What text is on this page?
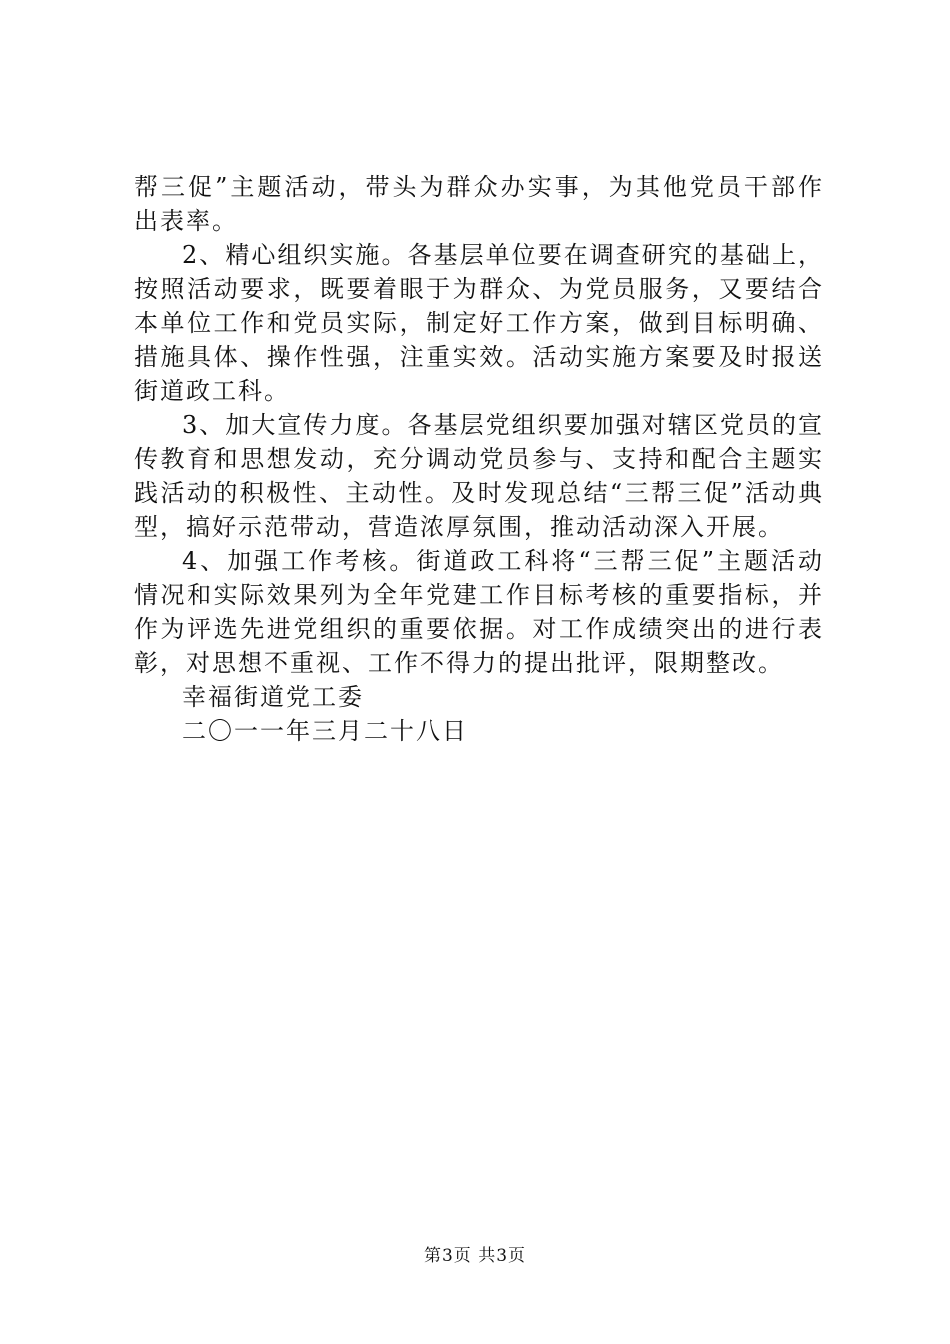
帮三促”主题活动，带头为群众办实事，为其他党员干部作出表率。

2、精心组织实施。各基层单位要在调查研究的基础上，按照活动要求，既要着眼于为群众、为党员服务，又要结合本单位工作和党员实际，制定好工作方案，做到目标明确、措施具体、操作性强，注重实效。活动实施方案要及时报送街道政工科。

3、加大宣传力度。各基层党组织要加强对辖区党员的宣传教育和思想发动，充分调动党员参与、支持和配合主题实践活动的积极性、主动性。及时发现总结“三帮三促”活动典型，搞好示范带动，营造浓厚氛围，推动活动深入开展。

4、加强工作考核。街道政工科将“三帮三促”主题活动情况和实际效果列为全年党建工作目标考核的重要指标，并作为评选先进党组织的重要依据。对工作成绩突出的进行表彰，对思想不重视、工作不得力的提出批评，限期整改。

幸福街道党工委

二〇一一年三月二十八日

第3页 共3页
